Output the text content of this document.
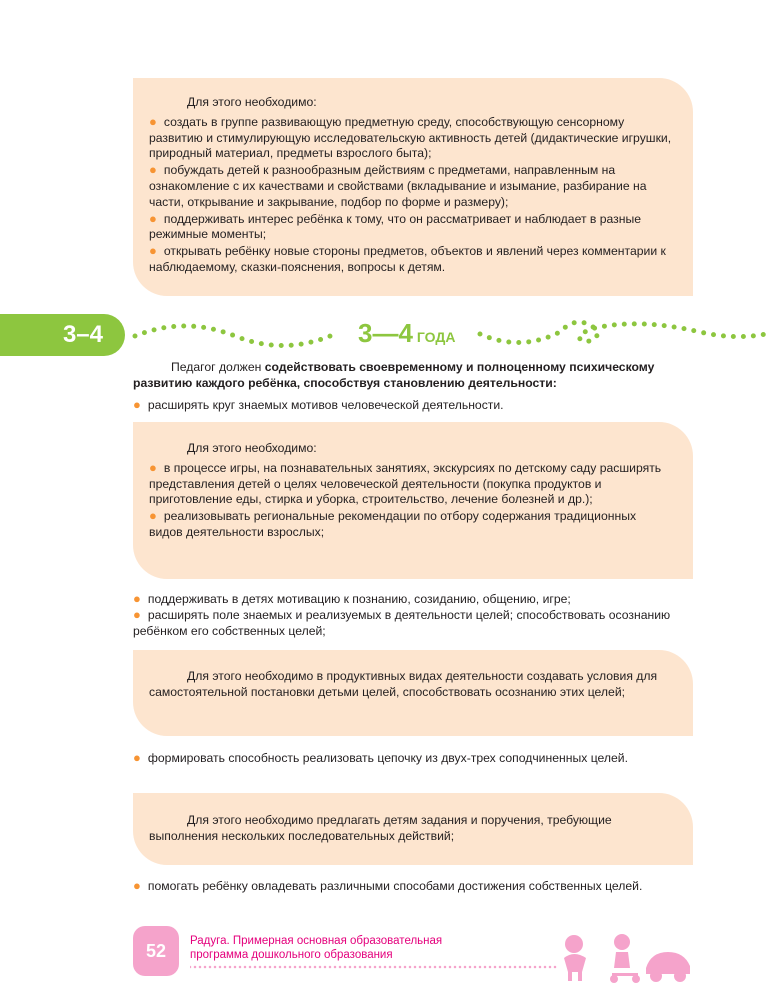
Для этого необходимо:

● создать в группе развивающую предметную среду, способствующую сенсорному развитию и стимулирующую исследовательскую активность детей (дидактические игрушки, природный материал, предметы взрослого быта);

● побуждать детей к разнообразным действиям с предметами, направленным на ознакомление с их качествами и свойствами (вкладывание и изымание, разбирание на части, открывание и закрывание, подбор по форме и размеру);

● поддерживать интерес ребёнка к тому, что он рассматривает и наблюдает в разные режимные моменты;

● открывать ребёнку новые стороны предметов, объектов и явлений через комментарии к наблюдаемому, сказки-пояснения, вопросы к детям.

3–4	3—4 ГОДА
Педагог должен содействовать своевременному и полноценному психическому развитию каждого ребёнка, способствуя становлению деятельности:
● расширять круг знаемых мотивов человеческой деятельности.

Для этого необходимо:

● в процессе игры, на познавательных занятиях, экскурсиях по детскому саду расширять представления детей о целях человеческой деятельности (покупка продуктов и приготовление еды, стирка и уборка, строительство, лечение болезней и др.);

● реализовывать региональные рекомендации по отбору содержания традиционных видов деятельности взрослых;

● поддерживать в детях мотивацию к познанию, созиданию, общению, игре;
● расширять поле знаемых и реализуемых в деятельности целей; способствовать осознанию ребёнком его собственных целей;

Для этого необходимо в продуктивных видах деятельности создавать условия для самостоятельной постановки детьми целей, способствовать осознанию этих целей;

● формировать способность реализовать цепочку из двух-трех соподчиненных целей.

Для этого необходимо предлагать детям задания и поручения, требующие выполнения нескольких последовательных действий;

● помогать ребёнку овладевать различными способами достижения собственных целей.
52	Радуга. Примерная основная образовательная
программа дошкольного образования
